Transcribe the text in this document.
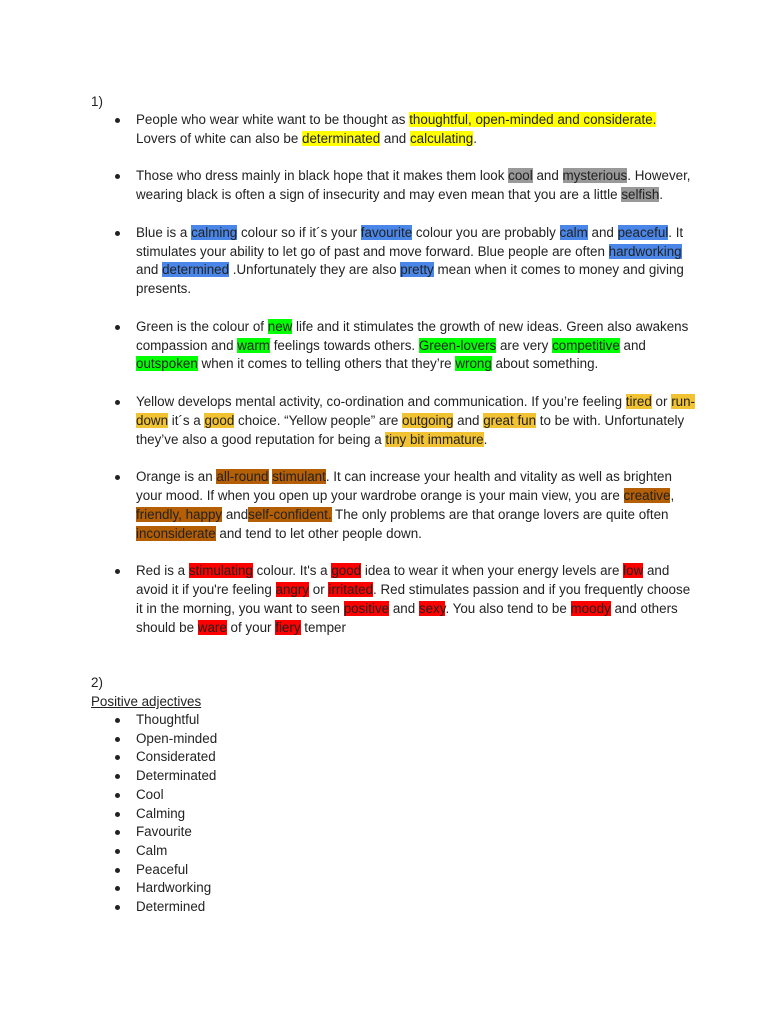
1)
People who wear white want to be thought as thoughtful, open-minded and considerate. Lovers of white can also be determinated and calculating.
Those who dress mainly in black hope that it makes them look cool and mysterious. However, wearing black is often a sign of insecurity and may even mean that you are a little selfish.
Blue is a calming colour so if it´s your favourite colour you are probably calm and peaceful. It stimulates your ability to let go of past and move forward. Blue people are often hardworking and determined .Unfortunately they are also pretty mean when it comes to money and giving presents.
Green is the colour of new life and it stimulates the growth of new ideas. Green also awakens compassion and warm feelings towards others. Green-lovers are very competitive and outspoken when it comes to telling others that they’re wrong about something.
Yellow develops mental activity, co-ordination and communication. If you’re feeling tired or run-down it´s a good choice. “Yellow people” are outgoing and great fun to be with. Unfortunately they’ve also a good reputation for being a tiny bit immature.
Orange is an all-round stimulant. It can increase your health and vitality as well as brighten your mood. If when you open up your wardrobe orange is your main view, you are creative, friendly, happy andself-confident. The only problems are that orange lovers are quite often inconsiderate and tend to let other people down.
Red is a stimulating colour. It's a good idea to wear it when your energy levels are low and avoid it if you're feeling angry or irritated. Red stimulates passion and if you frequently choose it in the morning, you want to seen positive and sexy. You also tend to be moody and others should be ware of your fiery temper
2)
Positive adjectives
Thoughtful
Open-minded
Considerated
Determinated
Cool
Calming
Favourite
Calm
Peaceful
Hardworking
Determined
